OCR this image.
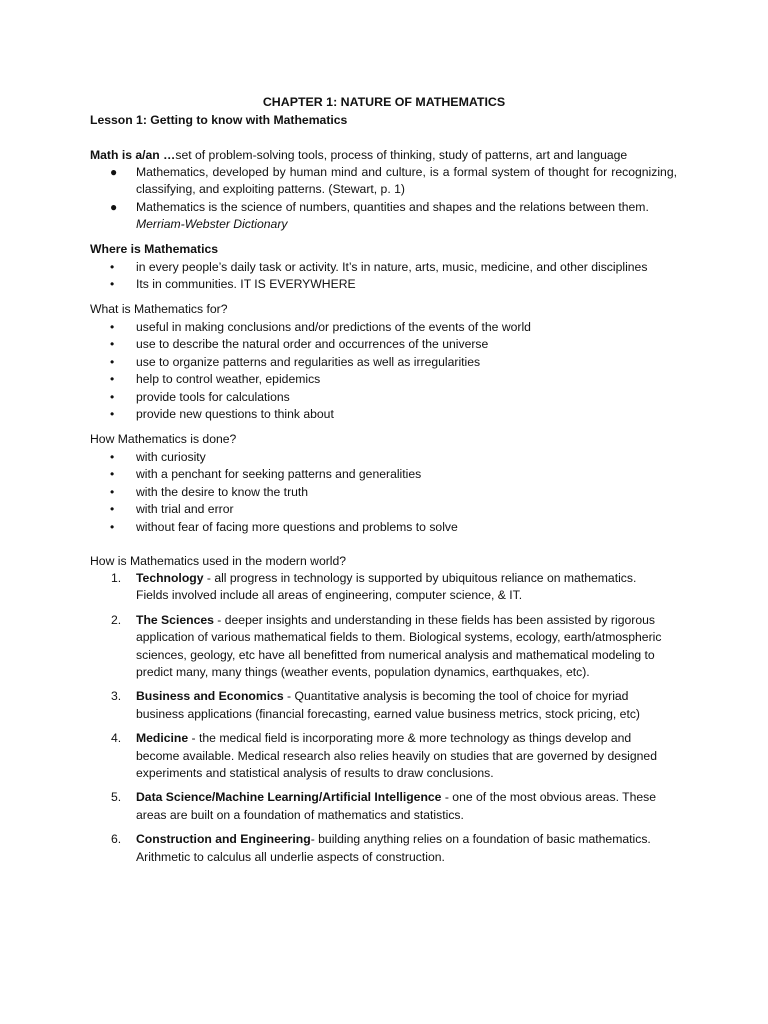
CHAPTER 1: NATURE OF MATHEMATICS
Lesson 1: Getting to know with Mathematics
Math is a/an …set of problem-solving tools, process of thinking, study of patterns, art and language
● Mathematics, developed by human mind and culture, is a formal system of thought for recognizing, classifying, and exploiting patterns. (Stewart, p. 1)
● Mathematics is the science of numbers, quantities and shapes and the relations between them.
Merriam-Webster Dictionary
Where is Mathematics
• in every people’s daily task or activity. It’s in nature, arts, music, medicine, and other disciplines
• Its in communities. IT IS EVERYWHERE
What is Mathematics for?
• useful in making conclusions and/or predictions of the events of the world
• use to describe the natural order and occurrences of the universe
• use to organize patterns and regularities as well as irregularities
• help to control weather, epidemics
• provide tools for calculations
• provide new questions to think about
How Mathematics is done?
• with curiosity
• with a penchant for seeking patterns and generalities
• with the desire to know the truth
• with trial and error
• without fear of facing more questions and problems to solve
How is Mathematics used in the modern world?
1. Technology - all progress in technology is supported by ubiquitous reliance on mathematics. Fields involved include all areas of engineering, computer science, & IT.
2. The Sciences - deeper insights and understanding in these fields has been assisted by rigorous application of various mathematical fields to them. Biological systems, ecology, earth/atmospheric sciences, geology, etc have all benefitted from numerical analysis and mathematical modeling to predict many, many things (weather events, population dynamics, earthquakes, etc).
3. Business and Economics - Quantitative analysis is becoming the tool of choice for myriad business applications (financial forecasting, earned value business metrics, stock pricing, etc)
4. Medicine - the medical field is incorporating more & more technology as things develop and become available. Medical research also relies heavily on studies that are governed by designed experiments and statistical analysis of results to draw conclusions.
5. Data Science/Machine Learning/Artificial Intelligence - one of the most obvious areas. These areas are built on a foundation of mathematics and statistics.
6. Construction and Engineering- building anything relies on a foundation of basic mathematics. Arithmetic to calculus all underlie aspects of construction.
